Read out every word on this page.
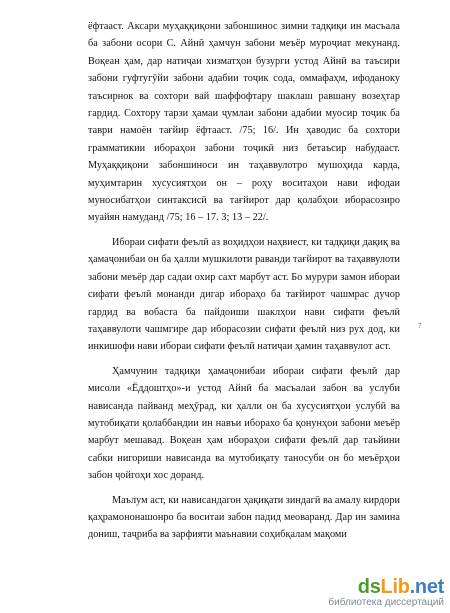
ёфтааст. Аксари муҳаққиқони забоншинос зимни тадқиқи ин масъала ба забони осори С. Айнӣ ҳамчун забони меъёр муроҷиат мекунанд. Воқеан ҳам, дар натиҷаи хизматҳои бузурги устод Айнӣ ва таъсири забони гуфтугӯйи забони адабии тоҷик сода, оммафаҳм, ифоданоку таъсирнок ва сохтори вай шаффофтару шаклаш равшану возеҳтар гардид. Сохтору тарзи ҳамаи ҷумлаи забони адабии муосир тоҷик ба таври намоён тағйир ёфтааст. /75; 16/. Ин ҳаводис ба сохтори грамматикии ибораҳои забони тоҷикӣ низ бетаъсир набудааст. Муҳаққиқони забоншиноси ин таҳаввулотро мушоҳида карда, муҳимтарин хусусиятҳои он – роҳу воситаҳои нави ифодаи муносибатҳои синтаксисӣ ва тағйирот дар қолабҳои иборасозиро муайян намуданд /75; 16 – 17. 3; 13 – 22/.

Ибораи сифати феълӣ аз воҳидҳои наҳвиест, ки тадқиқи дақиқ ва ҳамаҷонибаи он ба ҳалли мушкилоти раванди тағйирот ва таҳаввулоти забони меъёр дар садаи охир сахт марбут аст. Бо мурури замон ибораи сифати феълӣ монанди дигар ибораҳо ба тағйирот чашмрас дучор гардид ва вобаста ба пайдоиши шаклҳои нави сифати феълӣ таҳаввулоти чашмгире дар иборасозии сифати феълӣ низ рух дод, ки инкишофи нави ибораи сифати феълӣ натиҷаи ҳамин таҳаввулот аст.

Ҳамчунин тадқиқи ҳамаҷонибаи ибораи сифати феълӣ дар мисоли «Ёддоштҳо»-и устод Айнӣ ба масъалаи забон ва услуби нависанда пайванд меҳӯрад, ки ҳалли он ба хусусиятҳои услубӣ ва мутобиқати қолаббандии ин навъи иборахо ба қонунҳои забони меъёр марбут мешавад. Воқеан ҳам ибораҳои сифати феълӣ дар таъйини сабки нигориши нависанда ва мутобиқату таносуби он бо меъёрҳои забон ҷойгоҳи хос доранд.

Маълум аст, ки нависандагон ҳақиқати зиндагӣ ва амалу кирдори қаҳрамононашонро ба воситаи забон падид меоваранд. Дар ин замина дониш, таҷриба ва зарфияти маънавии соҳибқалам мақоми

7
dsLib.net
библиотека диссертаций
